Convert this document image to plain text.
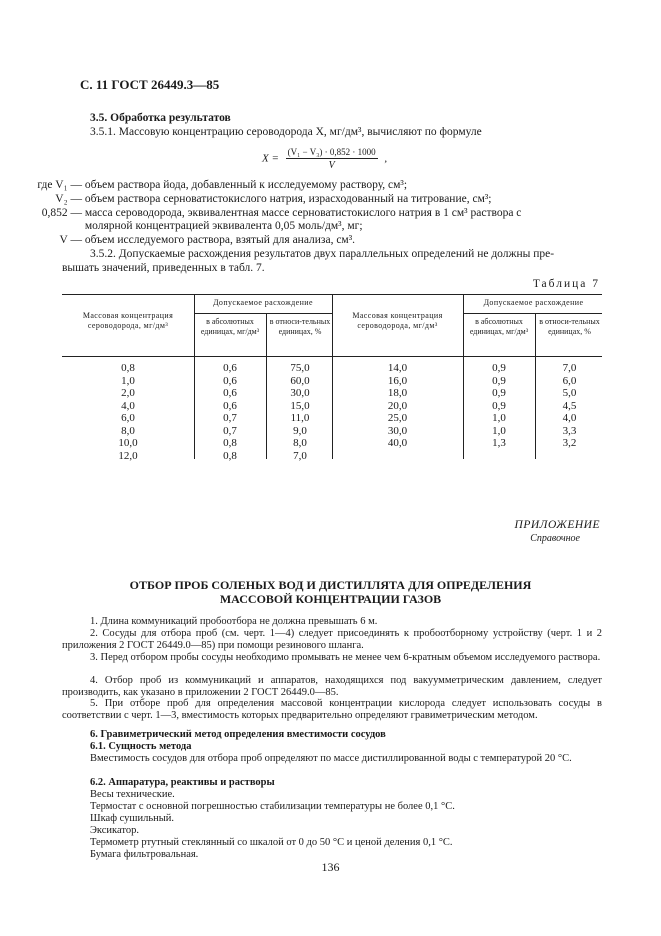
С. 11 ГОСТ 26449.3—85
3.5. Обработка результатов
3.5.1. Массовую концентрацию сероводорода X, мг/дм³, вычисляют по формуле
$X = \frac{\text{(V₁ − V₃) · 0,852 · 1000}}{V}$ ,
где V₁ — объем раствора йода, добавленный к исследуемому раствору, см³;
V₂ — объем раствора серноватистокислого натрия, израсходованный на титрование, см³;
0,852 — масса сероводорода, эквивалентная массе серноватистокислого натрия в 1 см³ раствора с
молярной концентрацией эквивалента 0,05 моль/дм³, мг;
V — объем исследуемого раствора, взятый для анализа, см³.
3.5.2. Допускаемые расхождения результатов двух параллельных определений не должны пре-
вышать значений, приведенных в табл. 7.
Таблица 7
Массовая концентрация сероводорода, мг/дм³
Допускаемое расхождение
в абсолютных единицах, мг/дм³
в относи-тельных единицах, %
Массовая концентрация сероводорода, мг/дм³
Допускаемое расхождение
в абсолютных единицах, мг/дм³
в относи-тельных единицах, %
0,8
1,0
2,0
4,0
6,0
8,0
10,0
12,0
0,6
0,6
0,6
0,6
0,7
0,7
0,8
0,8
75,0
60,0
30,0
15,0
11,0
9,0
8,0
7,0
14,0
16,0
18,0
20,0
25,0
30,0
40,0
0,9
0,9
0,9
0,9
1,0
1,0
1,3
7,0
6,0
5,0
4,5
4,0
3,3
3,2
ПРИЛОЖЕНИЕ
Справочное
ОТБОР ПРОБ СОЛЕНЫХ ВОД И ДИСТИЛЛЯТА ДЛЯ ОПРЕДЕЛЕНИЯ
МАССОВОЙ КОНЦЕНТРАЦИИ ГАЗОВ
1. Длина коммуникаций пробоотбора не должна превышать 6 м.
2. Сосуды для отбора проб (см. черт. 1—4) следует присоединять к пробоотборному устройству (черт. 1 и 2 приложения 2 ГОСТ 26449.0—85) при помощи резинового шланга.
3. Перед отбором пробы сосуды необходимо промывать не менее чем 6-кратным объемом исследуемого раствора.
4. Отбор проб из коммуникаций и аппаратов, находящихся под вакуумметрическим давлением, следует производить, как указано в приложении 2 ГОСТ 26449.0—85.
5. При отборе проб для определения массовой концентрации кислорода следует использовать сосуды в соответствии с черт. 1—3, вместимость которых предварительно определяют гравиметрическим методом.
6. Гравиметрический метод определения вместимости сосудов
6.1. Сущность метода
Вместимость сосудов для отбора проб определяют по массе дистиллированной воды с температурой 20 °С.
6.2. Аппаратура, реактивы и растворы
Весы технические.
Термостат с основной погрешностью стабилизации температуры не более 0,1 °С.
Шкаф сушильный.
Эксикатор.
Термометр ртутный стеклянный со шкалой от 0 до 50 °С и ценой деления 0,1 °С.
Бумага фильтровальная.
136
